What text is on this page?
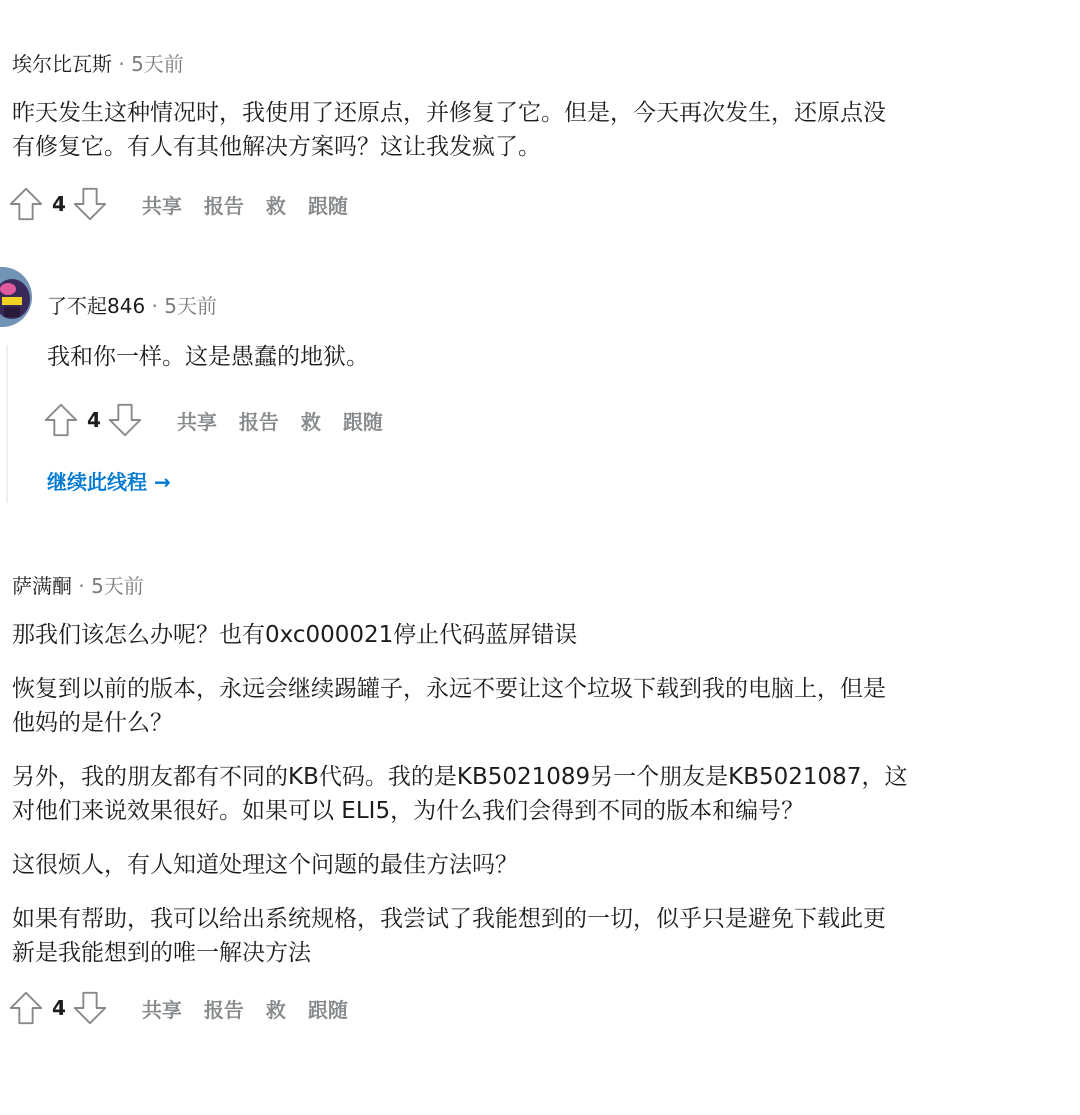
埃尔比瓦斯 · 5天前

昨天发生这种情况时，我使用了还原点，并修复了它。但是，今天再次发生，还原点没

有修复它。有人有其他解决方案吗？这让我发疯了。

4	共享 报告 救 跟随
了不起846 · 5天前

我和你一样。这是愚蠢的地狱。

4	共享 报告 救 跟随
继续此线程 →
萨满酮 · 5天前

那我们该怎么办呢？也有0xc000021停止代码蓝屏错误

恢复到以前的版本，永远会继续踢罐子，永远不要让这个垃圾下载到我的电脑上，但是

他妈的是什么？

另外，我的朋友都有不同的KB代码。我的是KB5021089另一个朋友是KB5021087，这

对他们来说效果很好。如果可以 ELI5，为什么我们会得到不同的版本和编号？

这很烦人，有人知道处理这个问题的最佳方法吗？

如果有帮助，我可以给出系统规格，我尝试了我能想到的一切，似乎只是避免下载此更

新是我能想到的唯一解决方法

4	共享 报告 救 跟随
